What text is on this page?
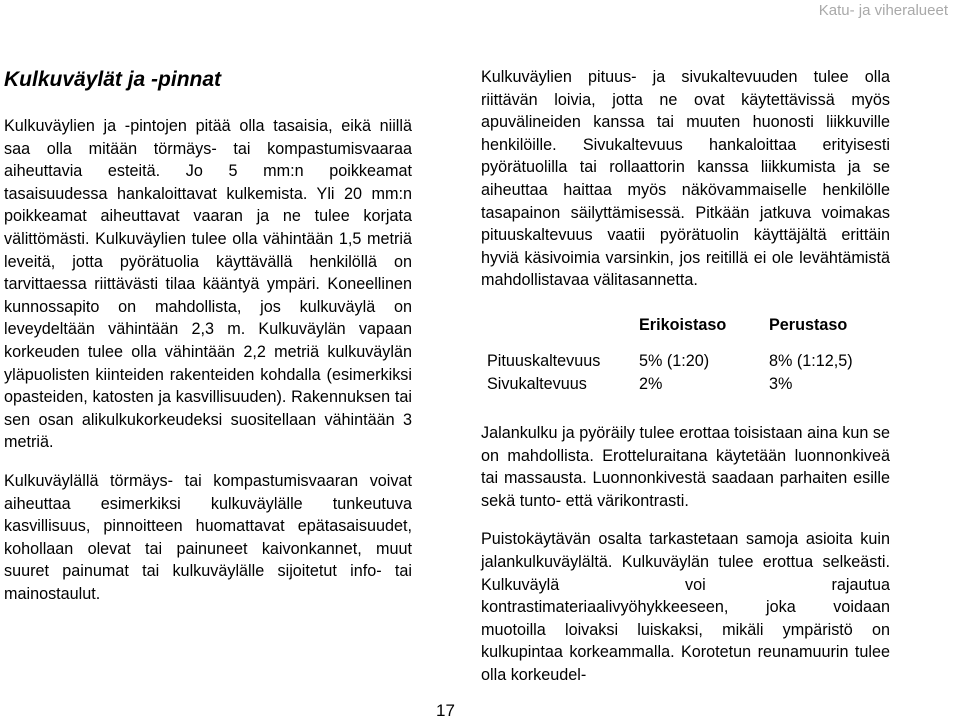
Katu- ja viheralueet
Kulkuväylät ja -pinnat

Kulkuväylien ja -pintojen pitää olla tasaisia, eikä niillä saa olla mitään törmäys- tai kompastumisvaaraa aiheuttavia esteitä. Jo 5 mm:n poikkeamat tasaisuudessa hankaloittavat kulkemista. Yli 20 mm:n poikkeamat aiheuttavat vaaran ja ne tulee korjata välittömästi. Kulkuväylien tulee olla vähintään 1,5 metriä leveitä, jotta pyörätuolia käyttävällä henkilöllä on tarvittaessa riittävästi tilaa kääntyä ympäri. Koneellinen kunnossapito on mahdollista, jos kulkuväylä on leveydeltään vähintään 2,3 m. Kulkuväylän vapaan korkeuden tulee olla vähintään 2,2 metriä kulkuväylän yläpuolisten kiinteiden rakenteiden kohdalla (esimerkiksi opasteiden, katosten ja kasvillisuuden). Rakennuksen tai sen osan alikulkukorkeudeksi suositellaan vähintään 3 metriä.

Kulkuväylällä törmäys- tai kompastumisvaaran voivat aiheuttaa esimerkiksi kulkuväylälle tunkeutuva kasvillisuus, pinnoitteen huomattavat epätasaisuudet, kohollaan olevat tai painuneet kaivonkannet, muut suuret painumat tai kulkuväylälle sijoitetut info- tai mainostaulut.

Kulkuväylien pituus- ja sivukaltevuuden tulee olla riittävän loivia, jotta ne ovat käytettävissä myös apuvälineiden kanssa tai muuten huonosti liikkuville henkilöille. Sivukaltevuus hankaloittaa erityisesti pyörätuolilla tai rollaattorin kanssa liikkumista ja se aiheuttaa haittaa myös näkövammaiselle henkilölle tasapainon säilyttämisessä. Pitkään jatkuva voimakas pituuskaltevuus vaatii pyörätuolin käyttäjältä erittäin hyviä käsivoimia varsinkin, jos reitillä ei ole levähtämistä mahdollistavaa välitasannetta.

	Erikoistaso	Perustaso
Pituuskaltevuus	5% (1:20)	8% (1:12,5)
Sivukaltevuus	2%	3%

Jalankulku ja pyöräily tulee erottaa toisistaan aina kun se on mahdollista. Erotteluraitana käytetään luonnonkiveä tai massausta. Luonnonkivestä saadaan parhaiten esille sekä tunto- että värikontrasti.

Puistokäytävän osalta tarkastetaan samoja asioita kuin jalankulkuväylältä. Kulkuväylän tulee erottua selkeästi. Kulkuväylä voi rajautua kontrastimateriaalivyöhykkeeseen, joka voidaan muotoilla loivaksi luiskaksi, mikäli ympäristö on kulkupintaa korkeammalla. Korotetun reunamuurin tulee olla korkeudel-

17
